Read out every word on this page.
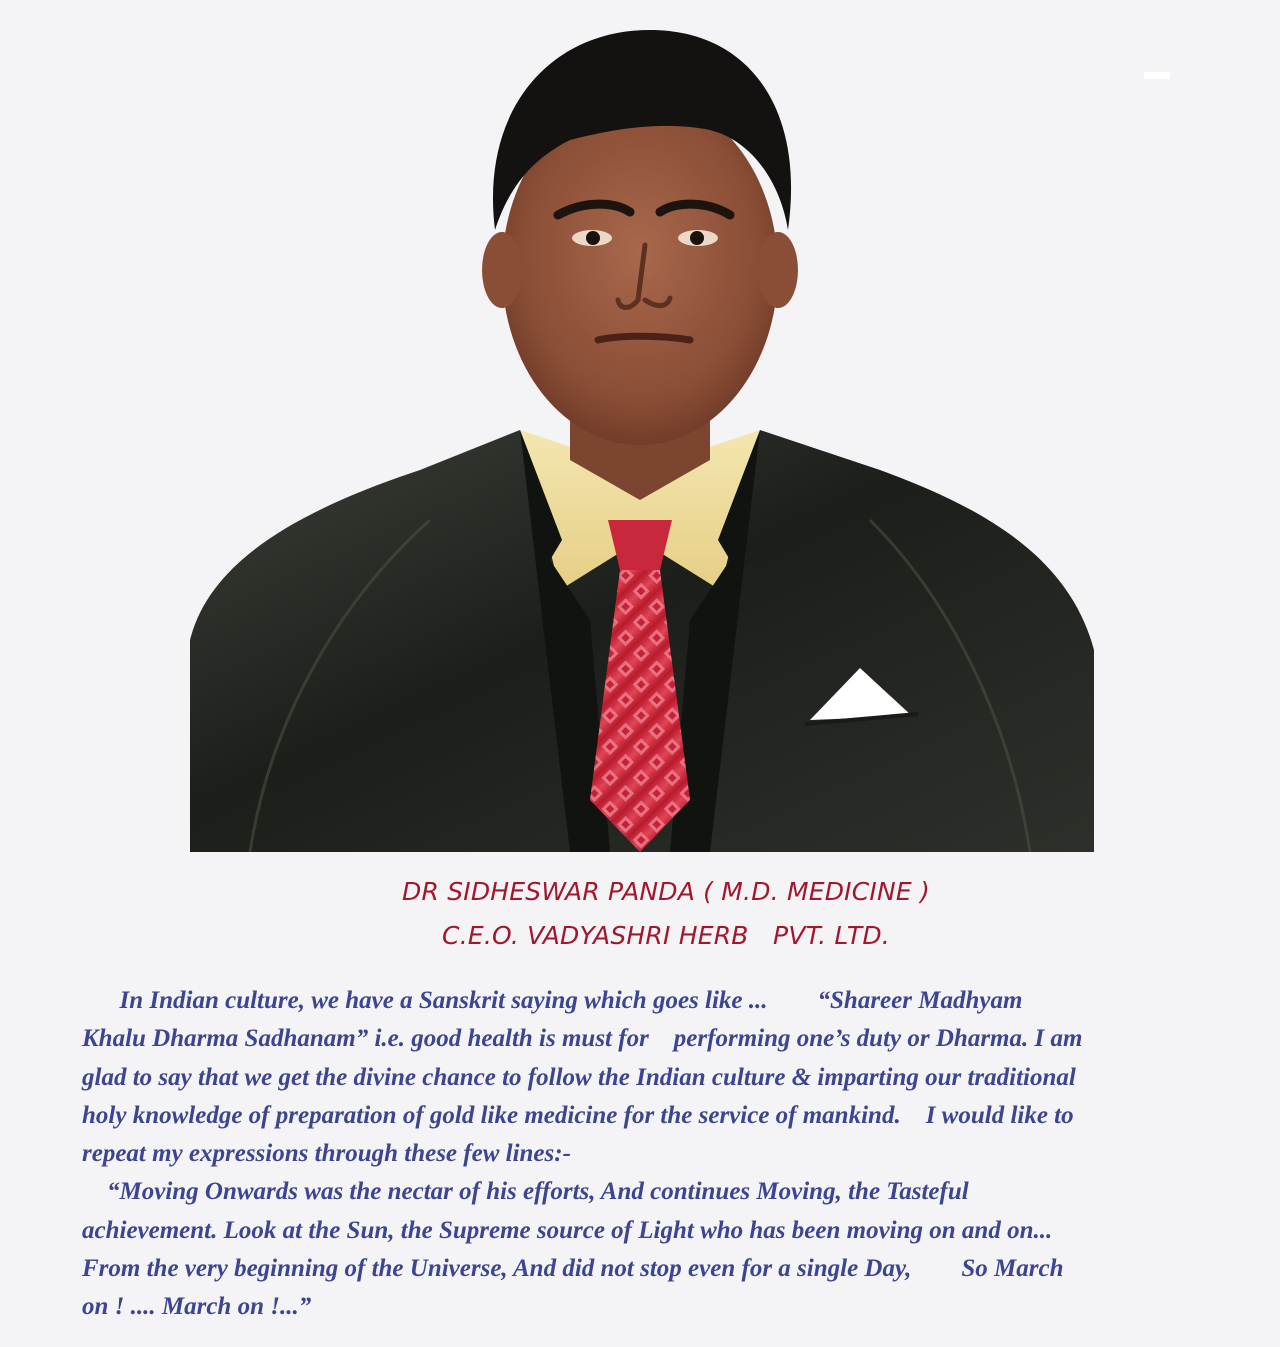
DR SIDHESWAR PANDA ( M.D. MEDICINE )
C.E.O. VADYASHRI HERB   PVT. LTD.
In Indian culture, we have a Sanskrit saying which goes like ...        “Shareer Madhyam
Khalu Dharma Sadhanam” i.e. good health is must for    performing one’s duty or Dharma. I am
glad to say that we get the divine chance to follow the Indian culture & imparting our traditional
holy knowledge of preparation of gold like medicine for the service of mankind.    I would like to
repeat my expressions through these few lines:-
“Moving Onwards was the nectar of his efforts, And continues Moving, the Tasteful
achievement. Look at the Sun, the Supreme source of Light who has been moving on and on...
From the very beginning of the Universe, And did not stop even for a single Day,        So March
on ! .... March on !...”
